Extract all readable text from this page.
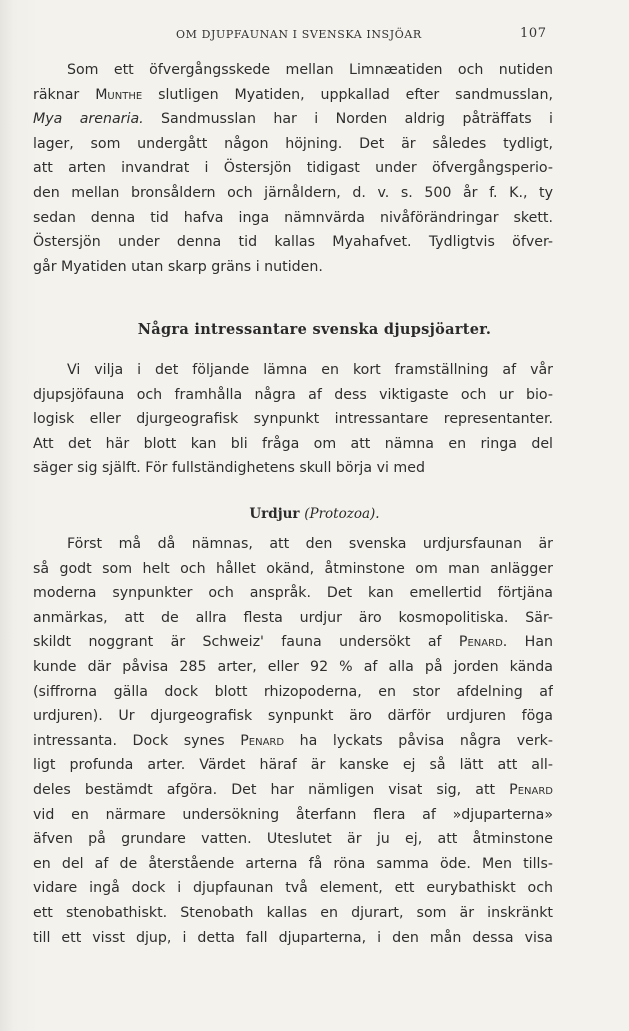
OM DJUPFAUNAN I SVENSKA INSJÖAR	107
Som ett öfvergångsskede mellan Limnæatiden och nutiden
räknar Munthe slutligen Myatiden, uppkallad efter sandmusslan,
Mya arenaria. Sandmusslan har i Norden aldrig påträffats i
lager, som undergått någon höjning. Det är således tydligt,
att arten invandrat i Östersjön tidigast under öfvergångsperio-
den mellan bronsåldern och järnåldern, d. v. s. 500 år f. K., ty
sedan denna tid hafva inga nämnvärda nivåförändringar skett.
Östersjön under denna tid kallas Myahafvet. Tydligtvis öfver-
går Myatiden utan skarp gräns i nutiden.
Några intressantare svenska djupsjöarter.
Vi vilja i det följande lämna en kort framställning af vår
djupsjöfauna och framhålla några af dess viktigaste och ur bio-
logisk eller djurgeografisk synpunkt intressantare representanter.
Att det här blott kan bli fråga om att nämna en ringa del
säger sig själft. För fullständighetens skull börja vi med
Urdjur (Protozoa).
Först må då nämnas, att den svenska urdjursfaunan är
så godt som helt och hållet okänd, åtminstone om man anlägger
moderna synpunkter och anspråk. Det kan emellertid förtjäna
anmärkas, att de allra flesta urdjur äro kosmopolitiska. Sär-
skildt noggrant är Schweiz' fauna undersökt af Penard. Han
kunde där påvisa 285 arter, eller 92 % af alla på jorden kända
(siffrorna gälla dock blott rhizopoderna, en stor afdelning af
urdjuren). Ur djurgeografisk synpunkt äro därför urdjuren föga
intressanta. Dock synes Penard ha lyckats påvisa några verk-
ligt profunda arter. Värdet häraf är kanske ej så lätt att all-
deles bestämdt afgöra. Det har nämligen visat sig, att Penard
vid en närmare undersökning återfann flera af »djuparterna»
äfven på grundare vatten. Uteslutet är ju ej, att åtminstone
en del af de återstående arterna få röna samma öde. Men tills-
vidare ingå dock i djupfaunan två element, ett eurybathiskt och
ett stenobathiskt. Stenobath kallas en djurart, som är inskränkt
till ett visst djup, i detta fall djuparterna, i den mån dessa visa
